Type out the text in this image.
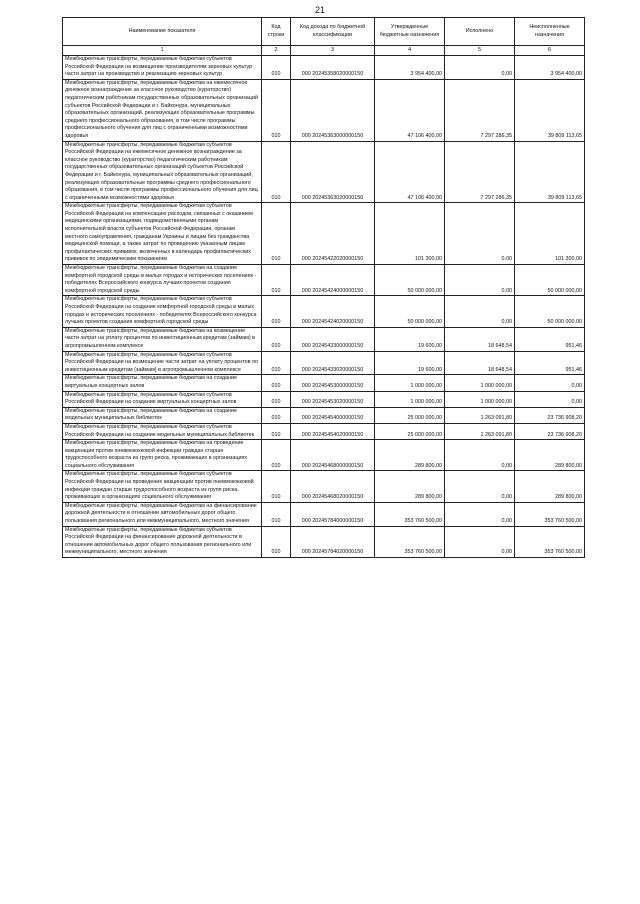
21
Наименование показателя	Код строки	Код дохода по бюджетной классификации	Утвержденные бюджетные назначения	Исполнено	Неисполненные назначения
1	2	3	4	5	6
Межбюджетные трансферты, передаваемые бюджетам субъектов Российской Федерации на возмещение производителям зерновых культур части затрат на производство и реализацию зерновых культур	010	000 20245358020000150	3 954 400,00	0,00	3 954 400,00
Межбюджетные трансферты, передаваемые бюджетам на ежемесячное денежное вознаграждение за классное руководство (кураторство) педагогическим работникам государственных образовательных организаций субъектов Российской Федерации и г. Байконура, муниципальных образовательных организаций, реализующих образовательные программы среднего профессионального образования, в том числе программы профессионального обучения для лиц с ограниченными возможностями здоровья	010	000 20245363000000150	47 106 400,00	7 297 286,35	39 809 113,65
Межбюджетные трансферты, передаваемые бюджетам субъектов Российской Федерации на ежемесячное денежное вознаграждение за классное руководство (кураторство) педагогическим работникам государственных образовательных организаций субъектов Российской Федерации и г. Байконура, муниципальных образовательных организаций, реализующих образовательные программы среднего профессионального образования, в том числе программы профессионального обучения для лиц с ограниченными возможностями здоровья	010	000 20245363020000150	47 106 400,00	7 297 286,35	39 809 113,65
Межбюджетные трансферты, передаваемые бюджетам субъектов Российской Федерации на компенсацию расходов, связанных с оказанием медицинскими организациями, подведомственными органам исполнительной власти субъектов Российской Федерации, органам местного самоуправления, гражданам Украины и лицам без гражданства медицинской помощи, а также затрат по проведению указанным лицам профилактических прививок, включенных в календарь профилактических прививок по эпидемическим показаниям	010	000 20245422020000150	101 300,00	0,00	101 300,00
Межбюджетные трансферты, передаваемые бюджетам на создание комфортной городской среды в малых городах и исторических поселениях - победителях Всероссийского конкурса лучших проектов создания комфортной городской среды	010	000 20245424000000150	50 000 000,00	0,00	50 000 000,00
Межбюджетные трансферты, передаваемые бюджетам субъектов Российской Федерации на создание комфортной городской среды в малых городах и исторических поселениях - победителях Всероссийского конкурса лучших проектов создания комфортной городской среды	010	000 20245424020000150	50 000 000,00	0,00	50 000 000,00
Межбюджетные трансферты, передаваемые бюджетам на возмещение части затрат на уплату процентов по инвестиционным кредитам (займам) в агропромышленном комплексе	010	000 20245433000000150	19 600,00	18 648,54	951,46
Межбюджетные трансферты, передаваемые бюджетам субъектов Российской Федерации на возмещение части затрат на уплату процентов по инвестиционным кредитам (займам) в агропромышленном комплексе	010	000 20245433020000150	19 600,00	18 648,54	951,46
Межбюджетные трансферты, передаваемые бюджетам на создание виртуальных концертных залов	010	000 20245453000000150	1 000 000,00	1 000 000,00	0,00
Межбюджетные трансферты, передаваемые бюджетам субъектов Российской Федерации на создание виртуальных концертных залов	010	000 20245453020000150	1 000 000,00	1 000 000,00	0,00
Межбюджетные трансферты, передаваемые бюджетам на создание модельных муниципальных библиотек	010	000 20245454000000150	25 000 000,00	1 263 091,80	23 736 908,20
Межбюджетные трансферты, передаваемые бюджетам субъектов Российской Федерации на создание модельных муниципальных библиотек	010	000 20245454020000150	25 000 000,00	1 263 091,80	23 736 908,20
Межбюджетные трансферты, передаваемые бюджетам на проведение вакцинации против пневмококковой инфекции граждан старше трудоспособного возраста из групп риска, проживающих в организациях социального обслуживания	010	000 20245468000000150	289 800,00	0,00	289 800,00
Межбюджетные трансферты, передаваемые бюджетам субъектов Российской Федерации на проведение вакцинации против пневмококковой инфекции граждан старше трудоспособного возраста из групп риска, проживающих в организациях социального обслуживания	010	000 20245468020000150	289 800,00	0,00	289 800,00
Межбюджетные трансферты, передаваемые бюджетам на финансирование дорожной деятельности в отношении автомобильных дорог общего пользования регионального или межмуниципального, местного значения	010	000 20245784000000150	353 760 500,00	0,00	353 760 500,00
Межбюджетные трансферты, передаваемые бюджетам субъектов Российской Федерации на финансирование дорожной деятельности в отношении автомобильных дорог общего пользования регионального или межмуниципального, местного значения	010	000 20245784020000150	353 760 500,00	0,00	353 760 500,00
